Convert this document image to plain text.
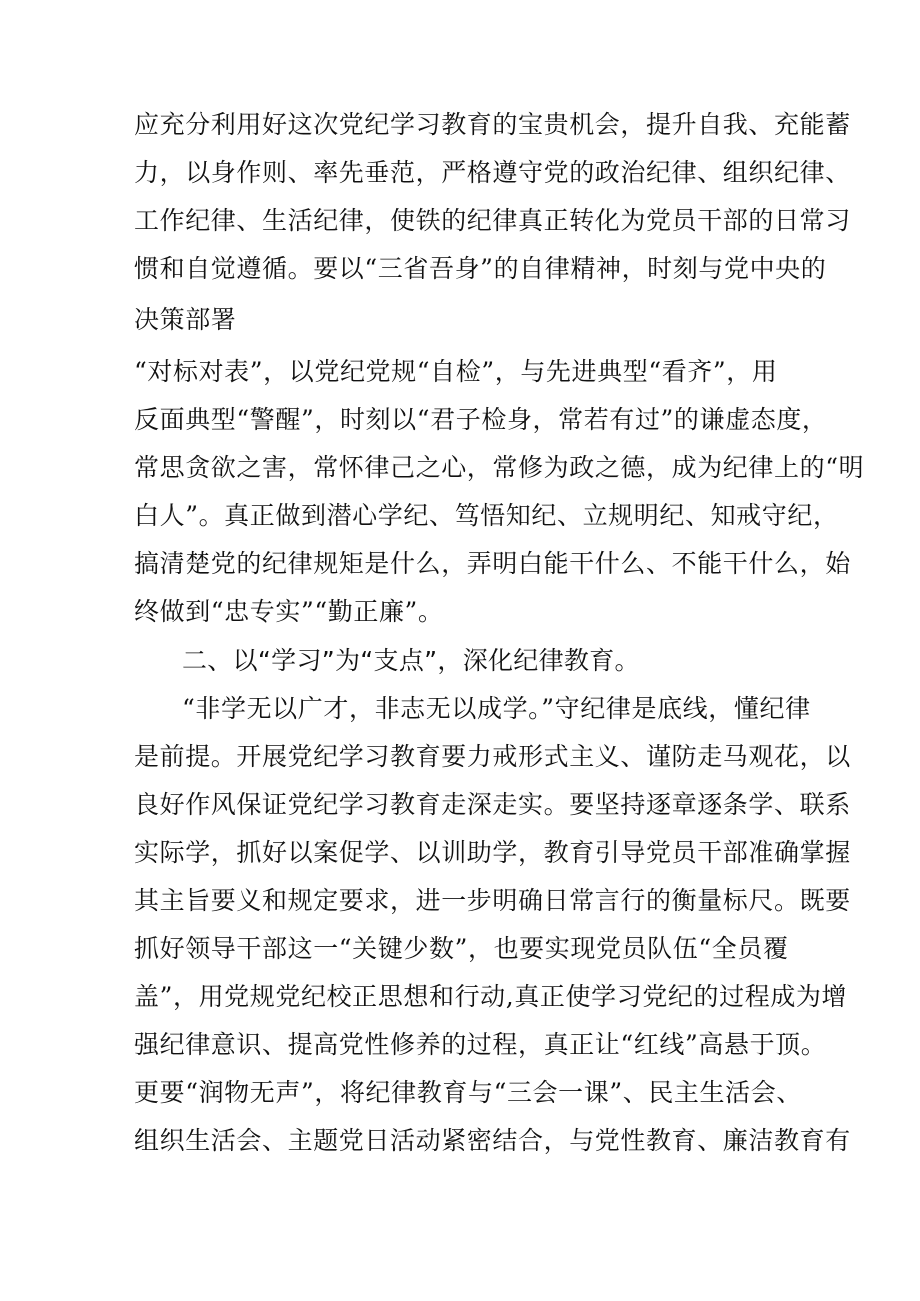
应充分利用好这次党纪学习教育的宝贵机会，提升自我、充能蓄

力，以身作则、率先垂范，严格遵守党的政治纪律、组织纪律、

工作纪律、生活纪律，使铁的纪律真正转化为党员干部的日常习

惯和自觉遵循。要以“三省吾身”的自律精神，时刻与党中央的

决策部署

“对标对表”，以党纪党规“自检”，与先进典型“看齐”，用

反面典型“警醒”，时刻以“君子检身，常若有过”的谦虚态度，

常思贪欲之害，常怀律己之心，常修为政之德，成为纪律上的“明

白人”。真正做到潜心学纪、笃悟知纪、立规明纪、知戒守纪，

搞清楚党的纪律规矩是什么，弄明白能干什么、不能干什么，始

终做到“忠专实”“勤正廉”。

二、以“学习”为“支点”，深化纪律教育。

“非学无以广才，非志无以成学。”守纪律是底线，懂纪律

是前提。开展党纪学习教育要力戒形式主义、谨防走马观花，以

良好作风保证党纪学习教育走深走实。要坚持逐章逐条学、联系

实际学，抓好以案促学、以训助学，教育引导党员干部准确掌握

其主旨要义和规定要求，进一步明确日常言行的衡量标尺。既要

抓好领导干部这一“关键少数”，也要实现党员队伍“全员覆

盖”，用党规党纪校正思想和行动,真正使学习党纪的过程成为增

强纪律意识、提高党性修养的过程，真正让“红线”高悬于顶。

更要“润物无声”，将纪律教育与“三会一课”、民主生活会、

组织生活会、主题党日活动紧密结合，与党性教育、廉洁教育有
